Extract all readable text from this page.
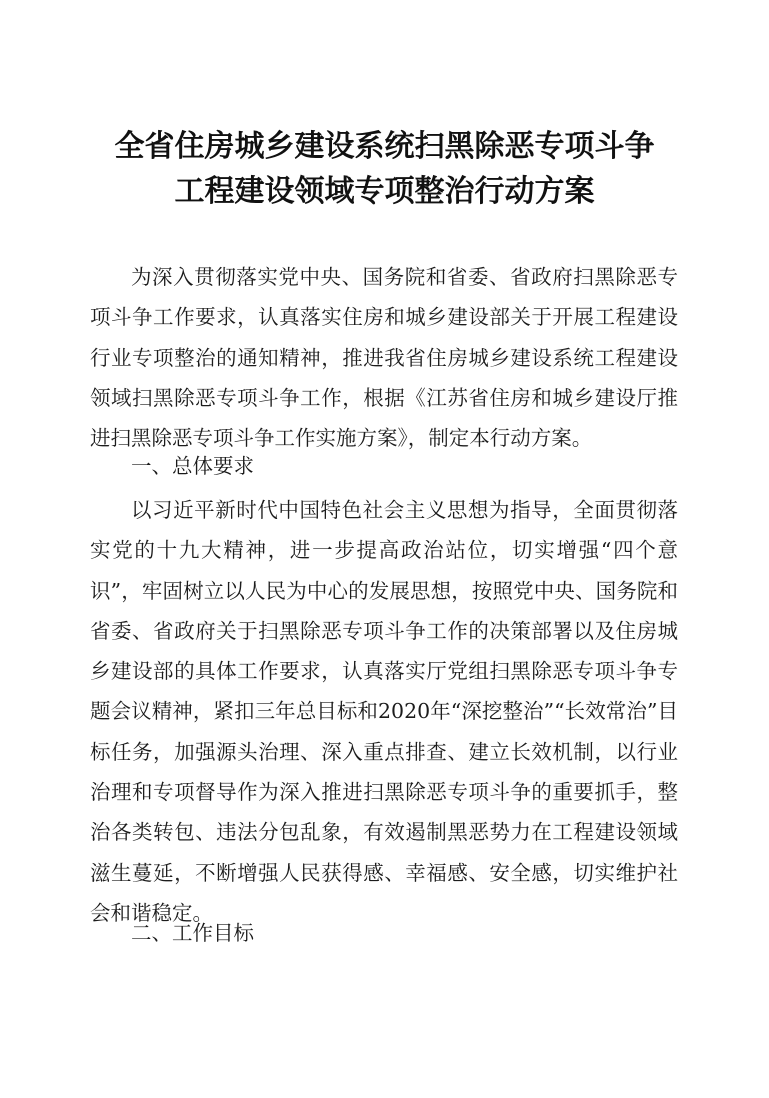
全省住房城乡建设系统扫黑除恶专项斗争
工程建设领域专项整治行动方案
为深入贯彻落实党中央、国务院和省委、省政府扫黑除恶专项斗争工作要求，认真落实住房和城乡建设部关于开展工程建设行业专项整治的通知精神，推进我省住房城乡建设系统工程建设领域扫黑除恶专项斗争工作，根据《江苏省住房和城乡建设厅推进扫黑除恶专项斗争工作实施方案》，制定本行动方案。
一、总体要求
以习近平新时代中国特色社会主义思想为指导，全面贯彻落实党的十九大精神，进一步提高政治站位，切实增强“四个意识”，牢固树立以人民为中心的发展思想，按照党中央、国务院和省委、省政府关于扫黑除恶专项斗争工作的决策部署以及住房城乡建设部的具体工作要求，认真落实厅党组扫黑除恶专项斗争专题会议精神，紧扣三年总目标和2020年“深挖整治”“长效常治”目标任务，加强源头治理、深入重点排查、建立长效机制，以行业治理和专项督导作为深入推进扫黑除恶专项斗争的重要抓手，整治各类转包、违法分包乱象，有效遏制黑恶势力在工程建设领域滋生蔓延，不断增强人民获得感、幸福感、安全感，切实维护社会和谐稳定。
二、工作目标
